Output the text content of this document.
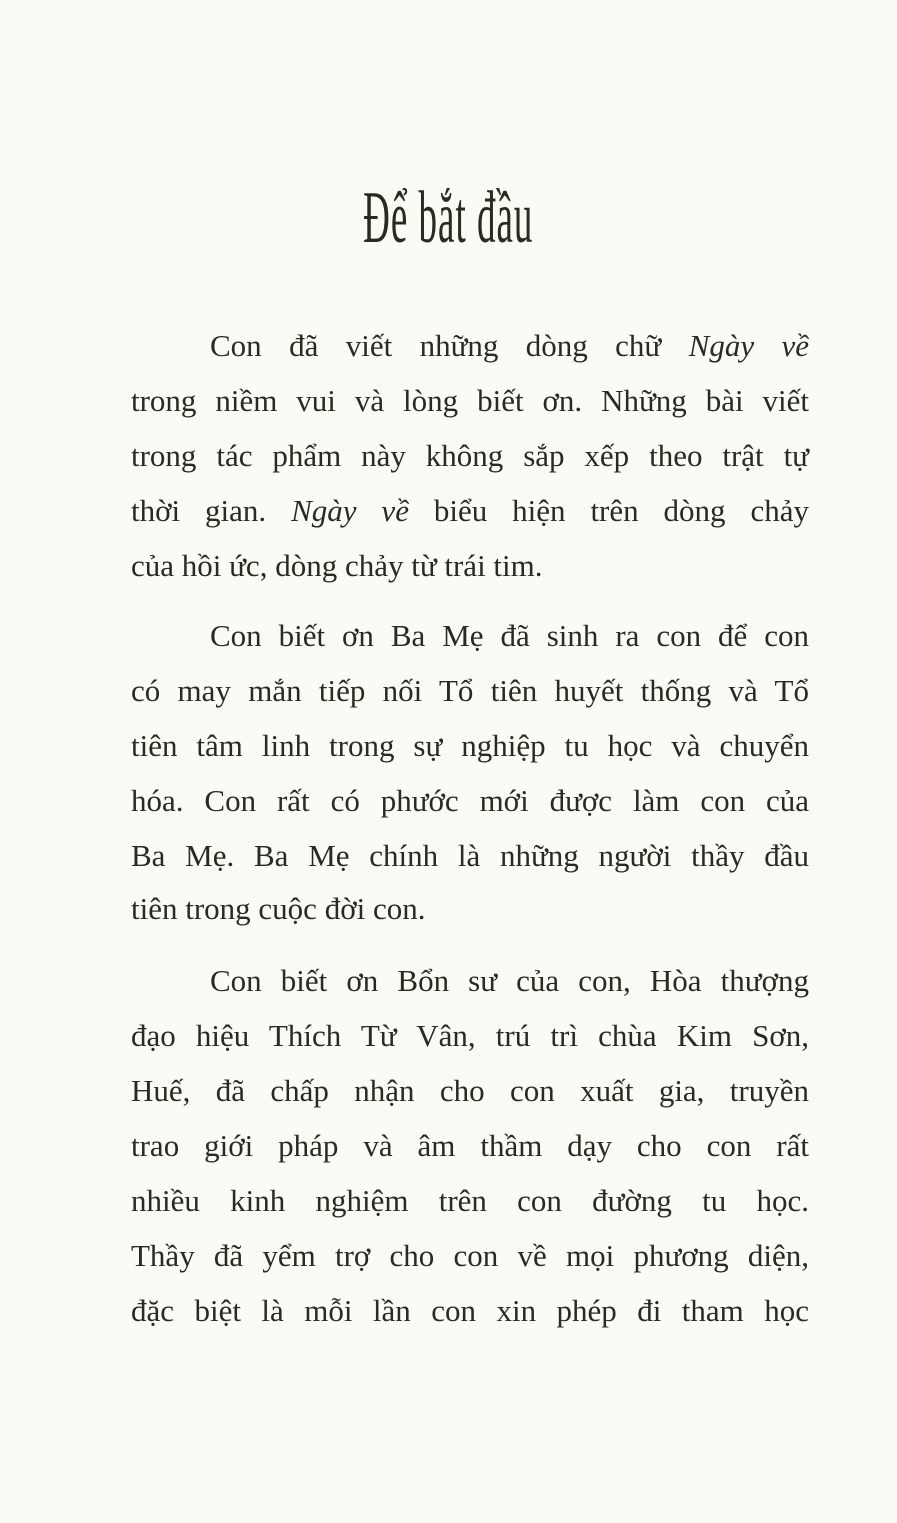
Để bắt đầu
Con đã viết những dòng chữ Ngày về
trong niềm vui và lòng biết ơn. Những bài viết
trong tác phẩm này không sắp xếp theo trật tự
thời gian. Ngày về biểu hiện trên dòng chảy
của hồi ức, dòng chảy từ trái tim.
Con biết ơn Ba Mẹ đã sinh ra con để con
có may mắn tiếp nối Tổ tiên huyết thống và Tổ
tiên tâm linh trong sự nghiệp tu học và chuyển
hóa. Con rất có phước mới được làm con của
Ba Mẹ. Ba Mẹ chính là những người thầy đầu
tiên trong cuộc đời con.
Con biết ơn Bổn sư của con, Hòa thượng
đạo hiệu Thích Từ Vân, trú trì chùa Kim Sơn,
Huế, đã chấp nhận cho con xuất gia, truyền
trao giới pháp và âm thầm dạy cho con rất
nhiều kinh nghiệm trên con đường tu học.
Thầy đã yểm trợ cho con về mọi phương diện,
đặc biệt là mỗi lần con xin phép đi tham học
